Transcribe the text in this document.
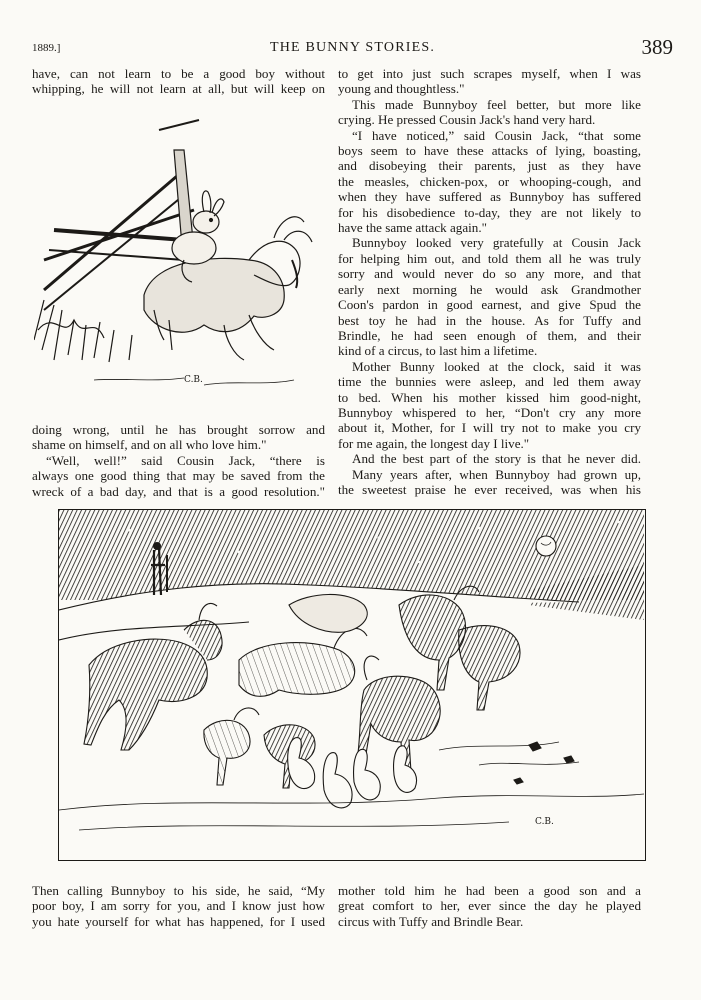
1889.]	THE BUNNY STORIES.	389
have, can not learn to be a good boy without
whipping, he will not learn at all, but will keep on
C.B.
doing wrong, until he has brought sorrow and
shame on himself, and on all who love him."
“Well, well!” said Cousin Jack, “there is
always one good thing that may be saved from the
wreck of a bad day, and that is a good resolution."
to get into just such scrapes myself, when I was
young and thoughtless."
This made Bunnyboy feel better, but more like
crying. He pressed Cousin Jack's hand very hard.
“I have noticed,” said Cousin Jack, “that some
boys seem to have these attacks of lying, boasting,
and disobeying their parents, just as they have
the measles, chicken-pox, or whooping-cough, and
when they have suffered as Bunnyboy has suffered
for his disobedience to-day, they are not likely to
have the same attack again."
Bunnyboy looked very gratefully at Cousin Jack
for helping him out, and told them all he was truly
sorry and would never do so any more, and that
early next morning he would ask Grandmother
Coon's pardon in good earnest, and give Spud the
best toy he had in the house. As for Tuffy and
Brindle, he had seen enough of them, and their
kind of a circus, to last him a lifetime.
Mother Bunny looked at the clock, said it was
time the bunnies were asleep, and led them away
to bed. When his mother kissed him good-night,
Bunnyboy whispered to her, “Don't cry any more
about it, Mother, for I will try not to make you cry
for me again, the longest day I live."
And the best part of the story is that he never did.
Many years after, when Bunnyboy had grown up,
the sweetest praise he ever received, was when his
C.B.
Then calling Bunnyboy to his side, he said, “My
poor boy, I am sorry for you, and I know just how
you hate yourself for what has happened, for I used
mother told him he had been a good son and a
great comfort to her, ever since the day he played
circus with Tuffy and Brindle Bear.
